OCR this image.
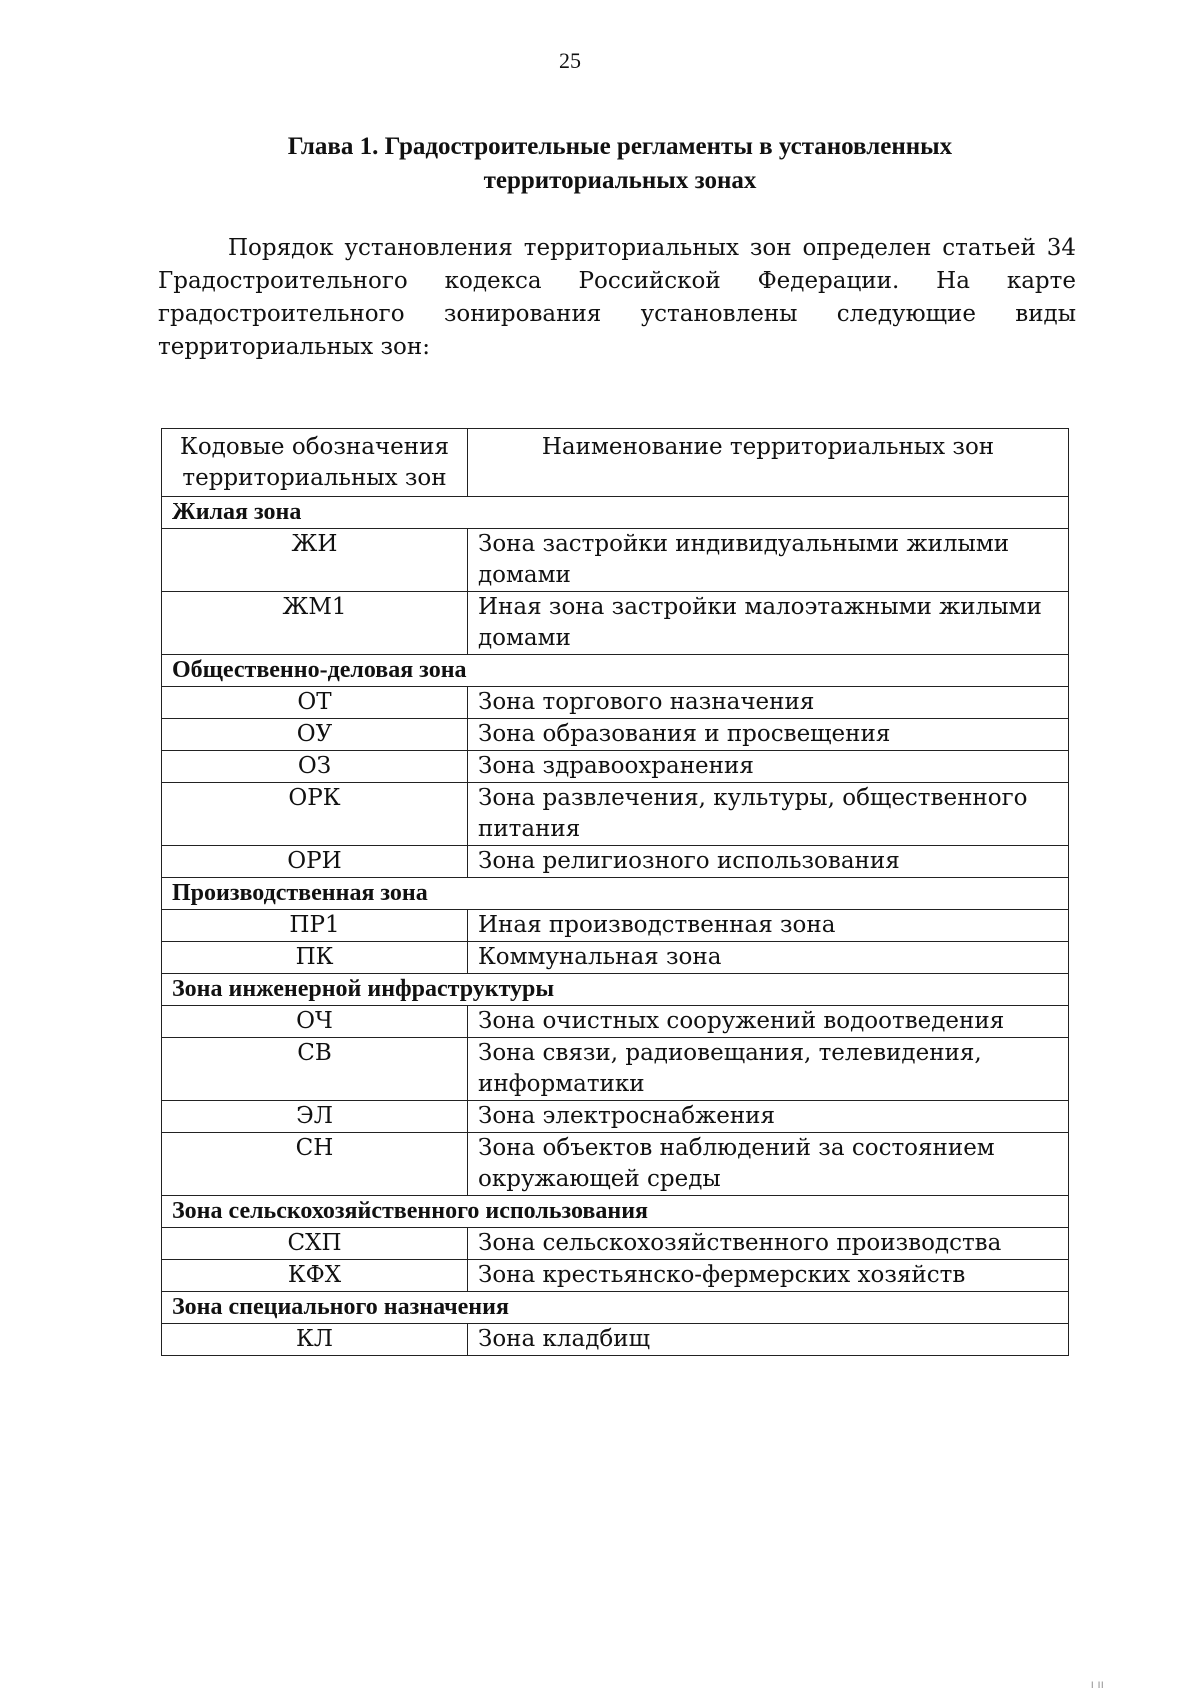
25
Глава 1. Градостроительные регламенты в установленных
территориальных зонах

Порядок установления территориальных зон определен статьей 34 Градостроительного кодекса Российской Федерации. На карте градостроительного зонирования установлены следующие виды территориальных зон:

Кодовые обозначения территориальных зон	Наименование территориальных зон
Жилая зона	
ЖИ	Зона застройки индивидуальными жилыми домами
ЖМ1	Иная зона застройки малоэтажными жилыми домами
Общественно-деловая зона	
ОТ	Зона торгового назначения
ОУ	Зона образования и просвещения
ОЗ	Зона здравоохранения
ОРК	Зона развлечения, культуры, общественного питания
ОРИ	Зона религиозного использования
Производственная зона	
ПР1	Иная производственная зона
ПК	Коммунальная зона
Зона инженерной инфраструктуры	
ОЧ	Зона очистных сооружений водоотведения
СВ	Зона связи, радиовещания, телевидения, информатики
ЭЛ	Зона электроснабжения
СН	Зона объектов наблюдений за состоянием окружающей среды
Зона сельскохозяйственного использования	
СХП	Зона сельскохозяйственного производства
КФХ	Зона крестьянско-фермерских хозяйств
Зона специального назначения	
КЛ	Зона кладбищ
ı ıı
